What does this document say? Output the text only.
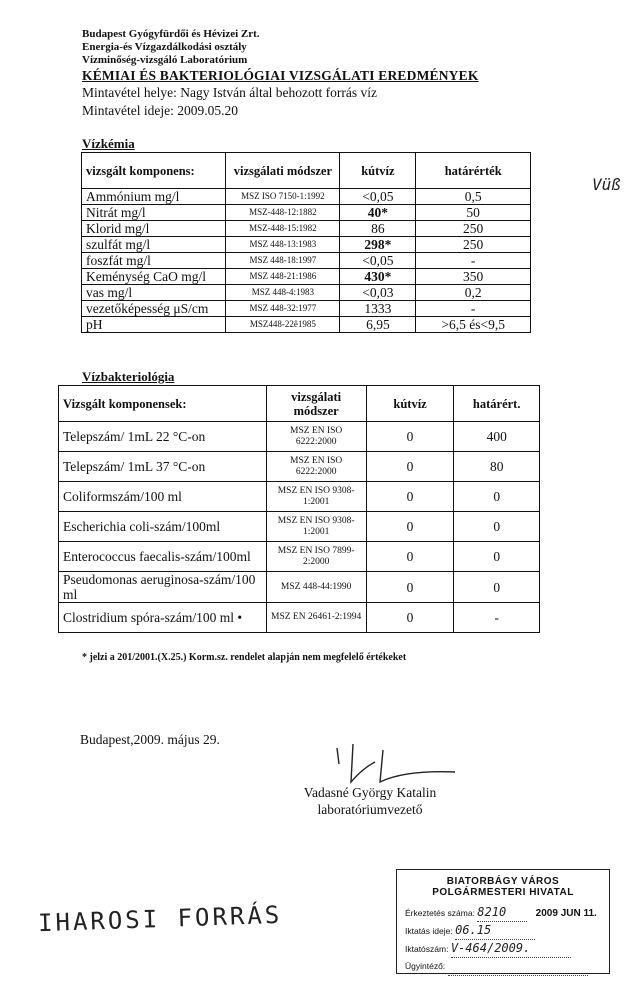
Budapest Gyógyfürdői és Hévizei Zrt.
Energia-és Vízgazdálkodási osztály
Vízminőség-vizsgáló Laboratórium
KÉMIAI ÉS BAKTERIOLÓGIAI VIZSGÁLATI EREDMÉNYEK
Mintavétel helye: Nagy István által behozott forrás víz
Mintavétel ideje: 2009.05.20
Vízkémia
vizsgált komponens:	vizsgálati módszer	kútvíz	határérték
Ammónium mg/l	MSZ ISO 7150-1:1992	<0,05	0,5
Nitrát mg/l	MSZ-448-12:1882	40*	50
Klorid mg/l	MSZ-448-15:1982	86	250
szulfát mg/l	MSZ 448-13:1983	298*	250
foszfát mg/l	MSZ 448-18:1997	<0,05	-
Keménység CaO mg/l	MSZ 448-21:1986	430*	350
vas mg/l	MSZ 448-4:1983	<0,03	0,2
vezetőképesség μS/cm	MSZ 448-32:1977	1333	-
pH	MSZ448-22ê1985	6,95	>6,5 és<9,5
Vízbakteriológia
Vizsgált komponensek:	vizsgálati módszer	kútvíz	határért.
Telepszám/ 1mL 22 °C-on	MSZ EN ISO 6222:2000	0	400
Telepszám/ 1mL 37 °C-on	MSZ EN ISO 6222:2000	0	80
Coliformszám/100 ml	MSZ EN ISO 9308-1:2001	0	0
Escherichia coli-szám/100ml	MSZ EN ISO 9308-1:2001	0	0
Enterococcus faecalis-szám/100ml	MSZ EN ISO 7899-2:2000	0	0
Pseudomonas aeruginosa-szám/100 ml	MSZ 448-44:1990	0	0
Clostridium spóra-szám/100 ml •	MSZ EN 26461-2:1994	0	-
* jelzi a 201/2001.(X.25.) Korm.sz. rendelet alapján nem megfelelő értékeket
Budapest,2009. május 29.
Vadasné György Katalin
laboratóriumvezető
Vüß
IHAROSI FORRÁS
BIATORBÁGY VÁROS
POLGÁRMESTERI HIVATAL
Érkeztetés száma: 8210	2009 JUN 11.
Iktatás ideje: 06.15
Iktatószám: V-464/2009.
Ügyintéző:
